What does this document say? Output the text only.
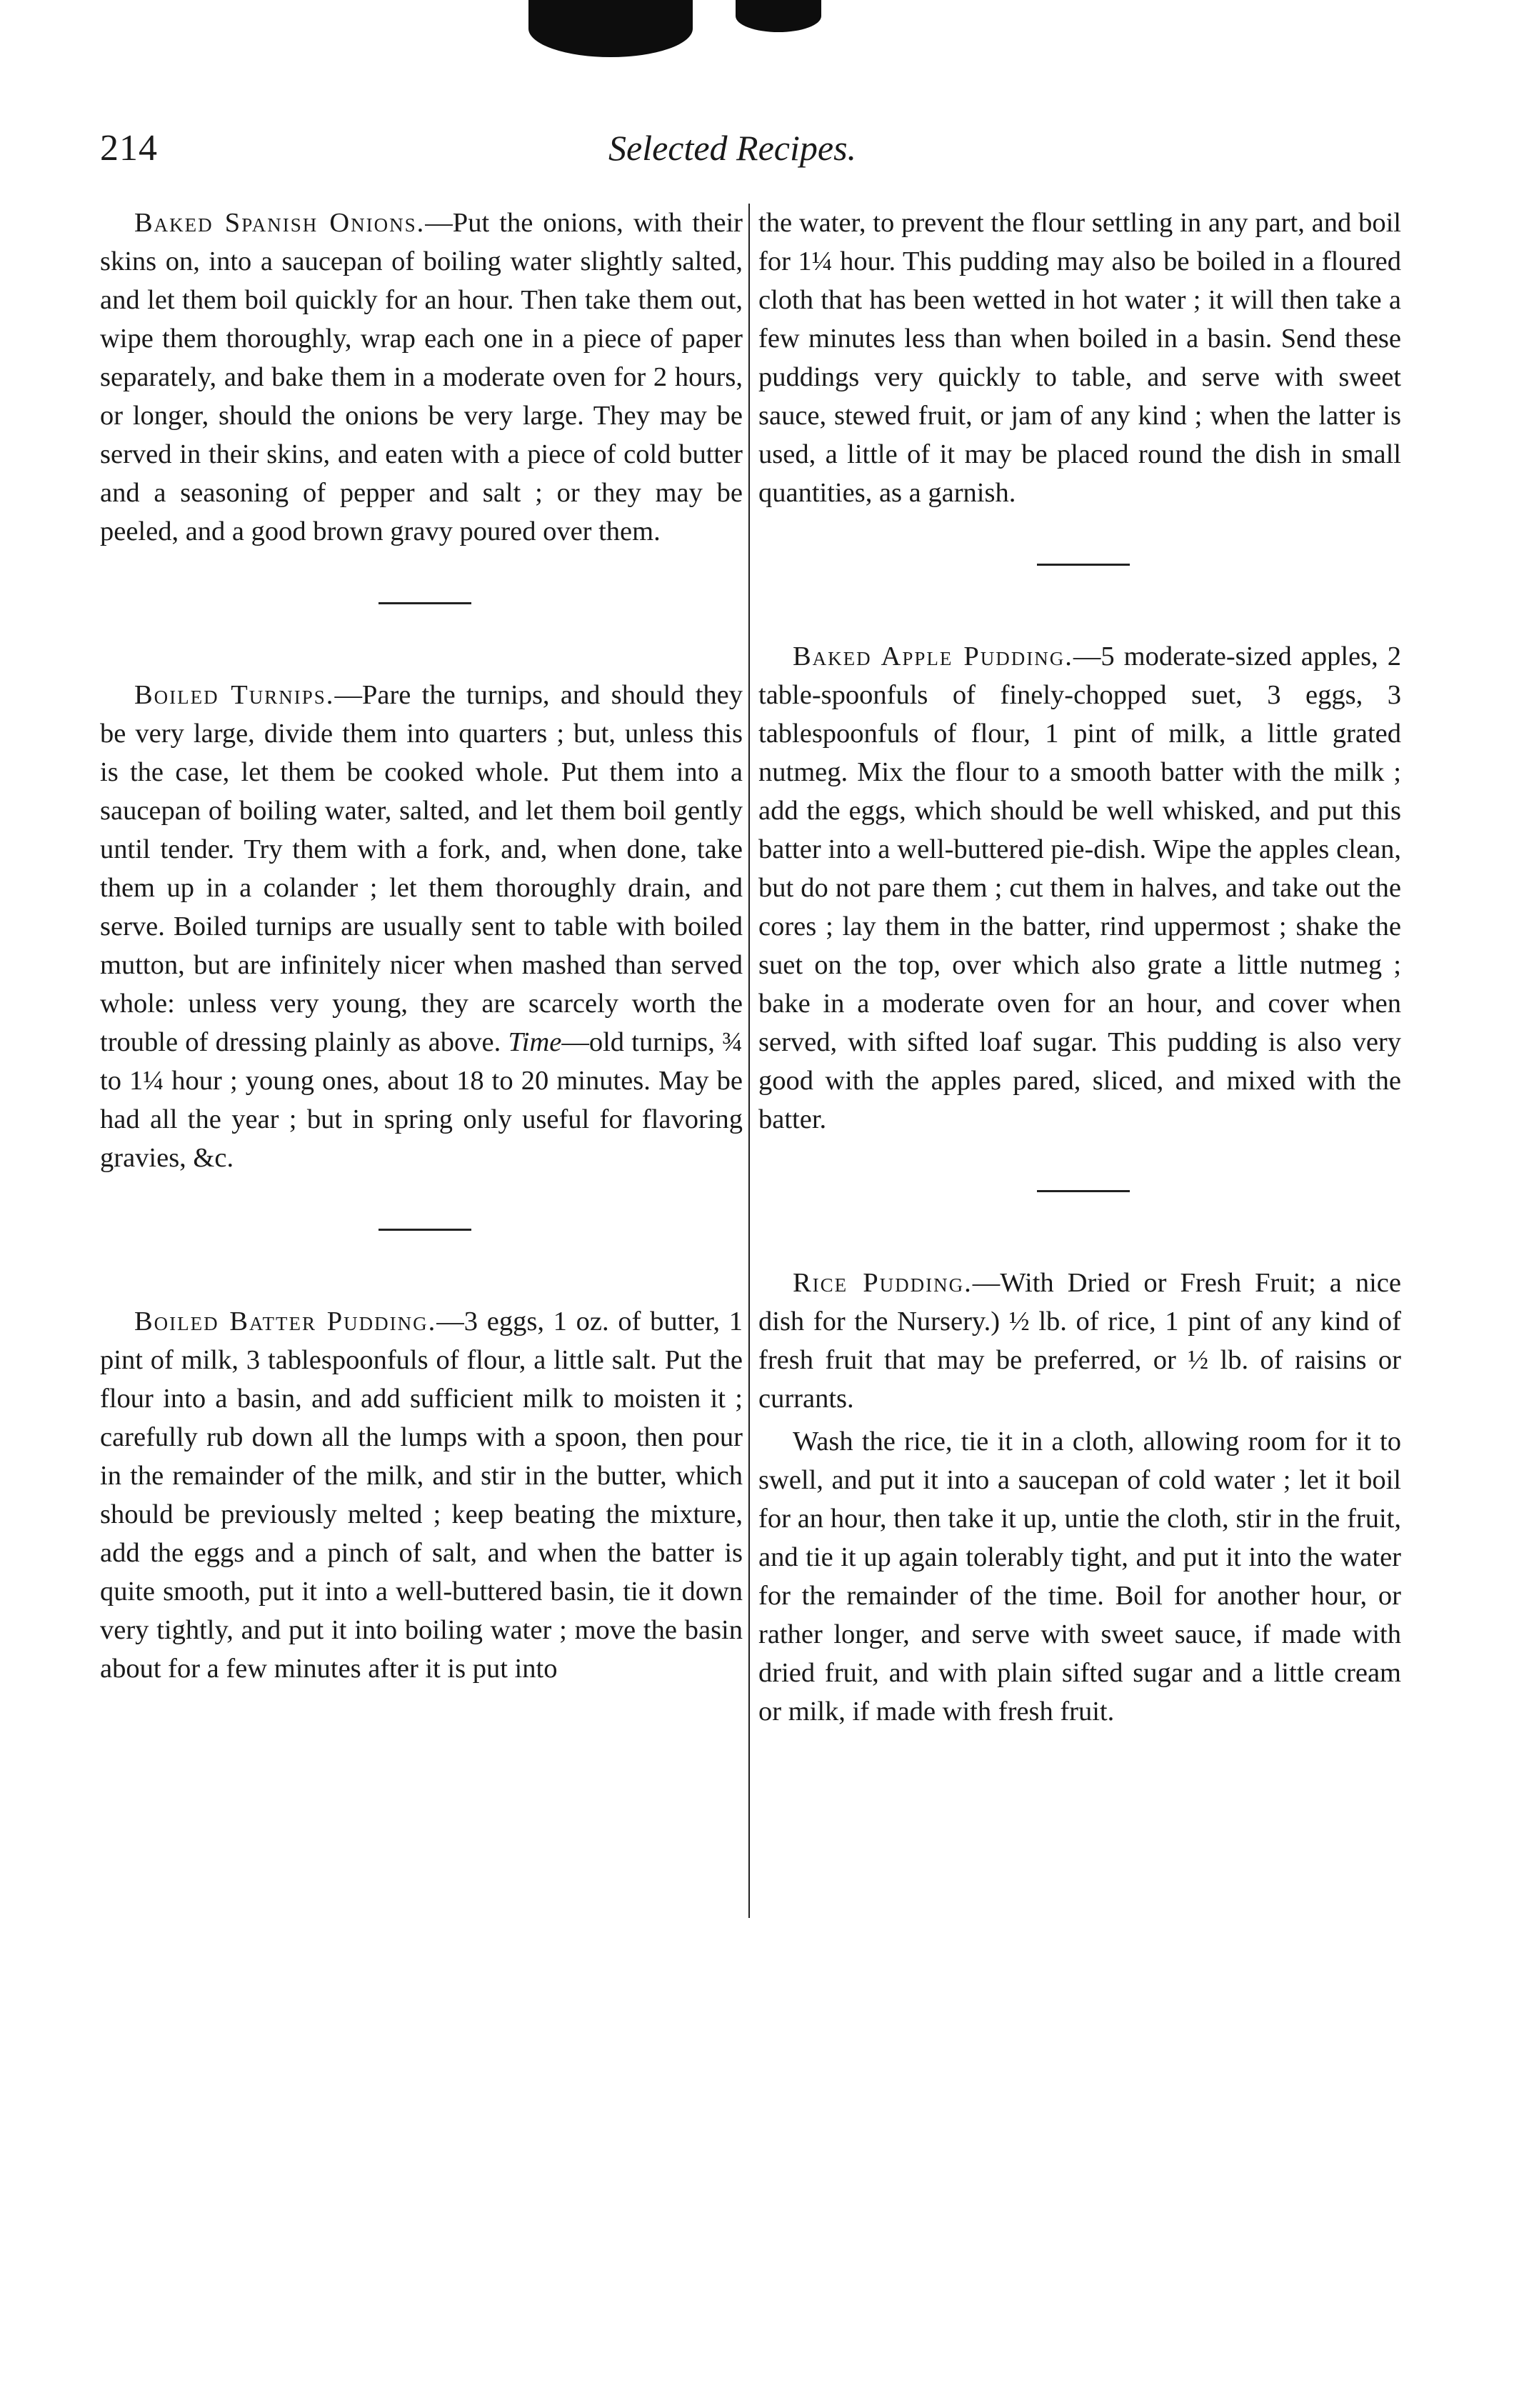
214	Selected Recipes.

Baked Spanish Onions.—Put the onions, with their skins on, into a saucepan of boiling water slightly salted, and let them boil quickly for an hour. Then take them out, wipe them thoroughly, wrap each one in a piece of paper separately, and bake them in a moderate oven for 2 hours, or longer, should the onions be very large. They may be served in their skins, and eaten with a piece of cold butter and a seasoning of pepper and salt ; or they may be peeled, and a good brown gravy poured over them.

Boiled Turnips.—Pare the turnips, and should they be very large, divide them into quarters ; but, unless this is the case, let them be cooked whole. Put them into a saucepan of boiling water, salted, and let them boil gently until tender. Try them with a fork, and, when done, take them up in a colander ; let them thoroughly drain, and serve. Boiled turnips are usually sent to table with boiled mutton, but are infinitely nicer when mashed than served whole: unless very young, they are scarcely worth the trouble of dressing plainly as above. Time—old turnips, ¾ to 1¼ hour ; young ones, about 18 to 20 minutes. May be had all the year ; but in spring only useful for flavoring gravies, &c.

Boiled Batter Pudding.—3 eggs, 1 oz. of butter, 1 pint of milk, 3 tablespoonfuls of flour, a little salt. Put the flour into a basin, and add sufficient milk to moisten it ; carefully rub down all the lumps with a spoon, then pour in the remainder of the milk, and stir in the butter, which should be previously melted ; keep beating the mixture, add the eggs and a pinch of salt, and when the batter is quite smooth, put it into a well-buttered basin, tie it down very tightly, and put it into boiling water ; move the basin about for a few minutes after it is put into

the water, to prevent the flour settling in any part, and boil for 1¼ hour. This pudding may also be boiled in a floured cloth that has been wetted in hot water ; it will then take a few minutes less than when boiled in a basin. Send these puddings very quickly to table, and serve with sweet sauce, stewed fruit, or jam of any kind ; when the latter is used, a little of it may be placed round the dish in small quantities, as a garnish.

Baked Apple Pudding.—5 moderate-sized apples, 2 table-spoonfuls of finely-chopped suet, 3 eggs, 3 tablespoonfuls of flour, 1 pint of milk, a little grated nutmeg. Mix the flour to a smooth batter with the milk ; add the eggs, which should be well whisked, and put this batter into a well-buttered pie-dish. Wipe the apples clean, but do not pare them ; cut them in halves, and take out the cores ; lay them in the batter, rind uppermost ; shake the suet on the top, over which also grate a little nutmeg ; bake in a moderate oven for an hour, and cover when served, with sifted loaf sugar. This pudding is also very good with the apples pared, sliced, and mixed with the batter.

Rice Pudding.—With Dried or Fresh Fruit; a nice dish for the Nursery.) ½ lb. of rice, 1 pint of any kind of fresh fruit that may be preferred, or ½ lb. of raisins or currants.

Wash the rice, tie it in a cloth, allowing room for it to swell, and put it into a saucepan of cold water ; let it boil for an hour, then take it up, untie the cloth, stir in the fruit, and tie it up again tolerably tight, and put it into the water for the remainder of the time. Boil for another hour, or rather longer, and serve with sweet sauce, if made with dried fruit, and with plain sifted sugar and a little cream or milk, if made with fresh fruit.
